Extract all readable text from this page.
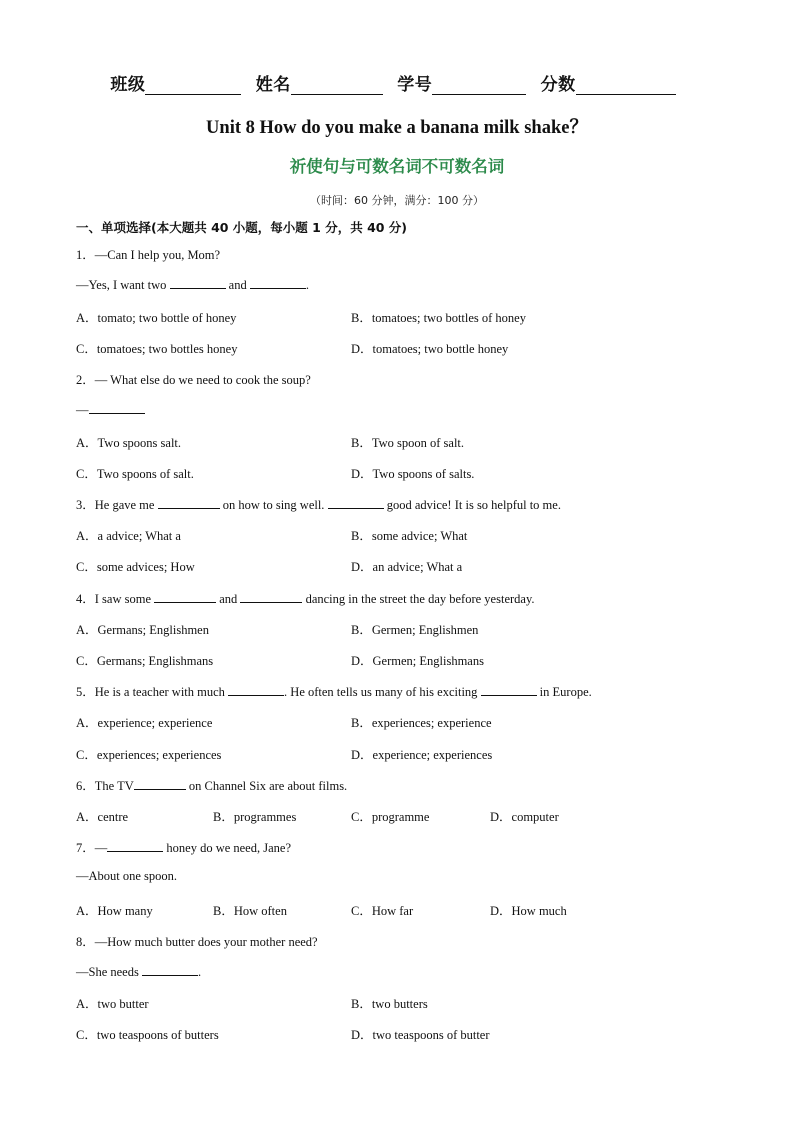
班级	姓名	学号	分数
Unit 8 How do you make a banana milk shake？
祈使句与可数名词不可数名词
（时间：60 分钟，满分：100 分）
一、单项选择(本大题共 40 小题，每小题 1 分，共 40 分)
1．—Can I help you, Mom?
—Yes, I want two	and	.
A．tomato; two bottle of honey	B．tomatoes; two bottles of honey
C．tomatoes; two bottles honey	D．tomatoes; two bottle honey
2．— What else do we need to cook the soup?
—
A．Two spoons salt.	B．Two spoon of salt.
C．Two spoons of salt.	D．Two spoons of salts.
3．He gave me	on how to sing well.	good advice! It is so helpful to me.
A．a advice; What a	B．some advice; What
C．some advices; How	D．an advice; What a
4．I saw some	and	dancing in the street the day before yesterday.
A．Germans; Englishmen	B．Germen; Englishmen
C．Germans; Englishmans	D．Germen; Englishmans
5．He is a teacher with much	. He often tells us many of his exciting	in Europe.
A．experience; experience	B．experiences; experience
C．experiences; experiences	D．experience; experiences
6．The TV	on Channel Six are about films.
A．centre	B．programmes	C．programme	D．computer
7．—	honey do we need, Jane?
—About one spoon.
A．How many	B．How often	C．How far	D．How much
8．—How much butter does your mother need?
—She needs	.
A．two butter	B．two butters
C．two teaspoons of butters	D．two teaspoons of butter
